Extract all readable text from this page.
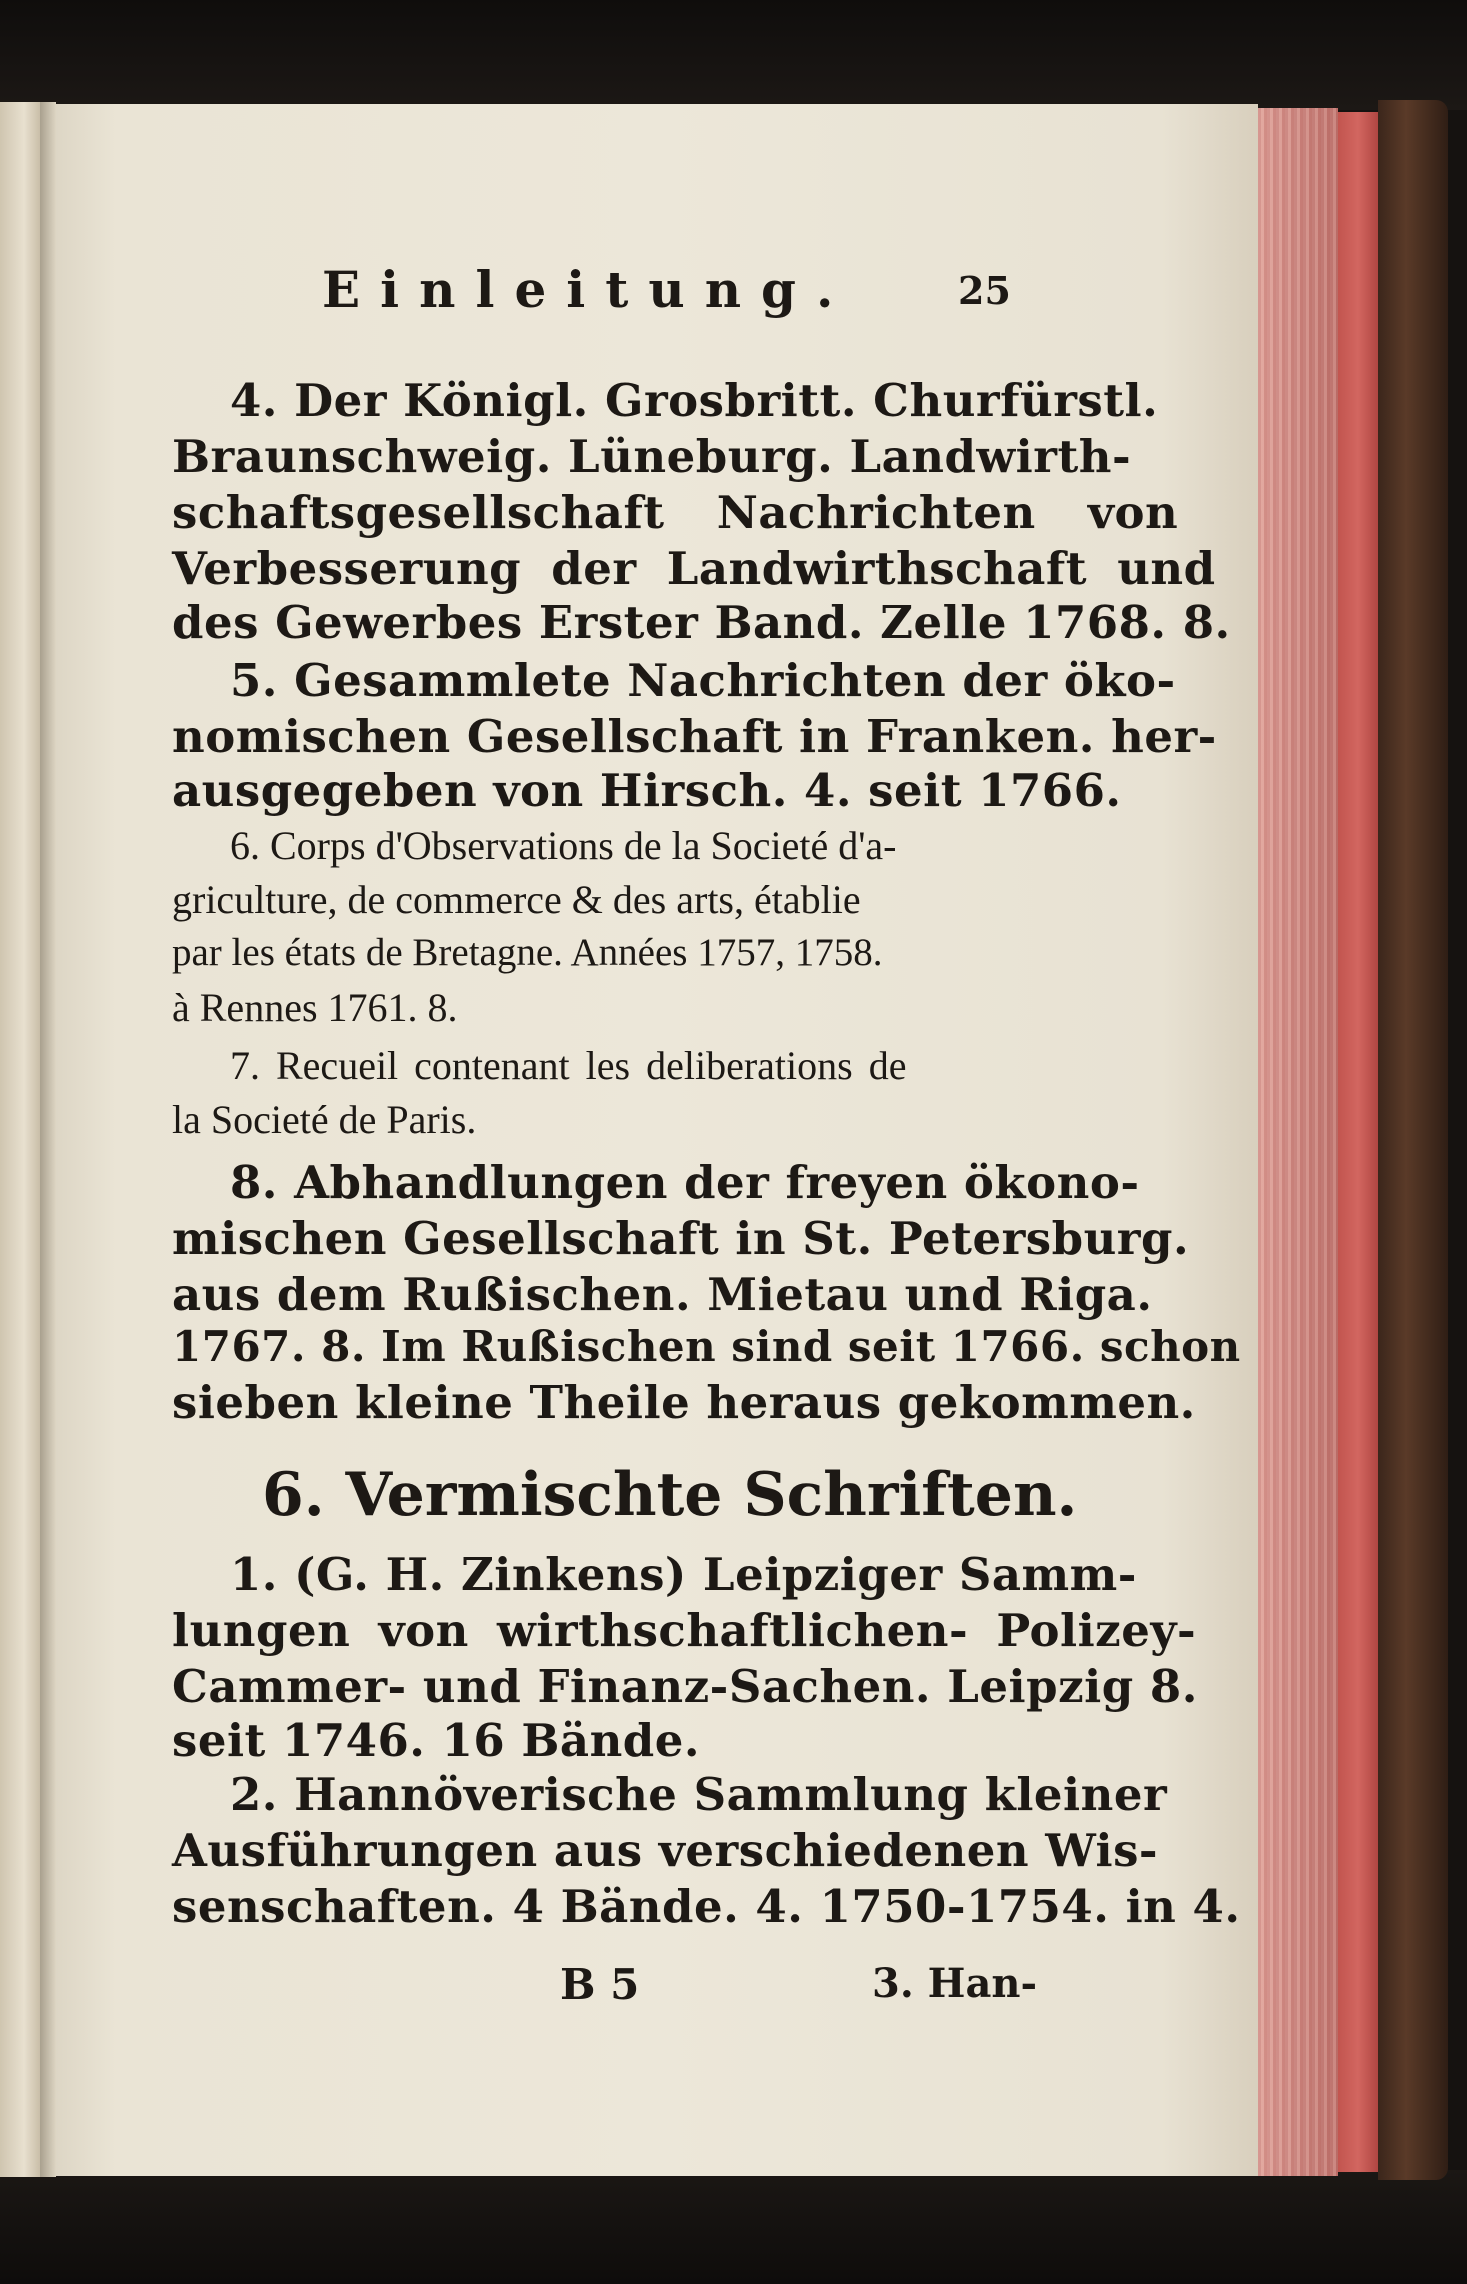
Einleitung.	25
4. Der Königl. Grosbritt. Churfürstl.
Braunschweig. Lüneburg. Landwirth-
schaftsgesellschaft Nachrichten von
Verbesserung der Landwirthschaft und
des Gewerbes Erster Band. Zelle 1768. 8.
5. Gesammlete Nachrichten der öko-
nomischen Gesellschaft in Franken. her-
ausgegeben von Hirsch. 4. seit 1766.
6. Corps d'Observations de la Societé d'a-
griculture, de commerce & des arts, établie
par les états de Bretagne. Années 1757, 1758.
à Rennes 1761. 8.
7. Recueil contenant les deliberations de
la Societé de Paris.
8. Abhandlungen der freyen ökono-
mischen Gesellschaft in St. Petersburg.
aus dem Rußischen. Mietau und Riga.
1767. 8. Im Rußischen sind seit 1766. schon
sieben kleine Theile heraus gekommen.
6. Vermischte Schriften.
1. (G. H. Zinkens) Leipziger Samm-
lungen von wirthschaftlichen- Polizey-
Cammer- und Finanz-Sachen. Leipzig 8.
seit 1746. 16 Bände.
2. Hannöverische Sammlung kleiner
Ausführungen aus verschiedenen Wis-
senschaften. 4 Bände. 4. 1750-1754. in 4.
B 5	3. Han-
